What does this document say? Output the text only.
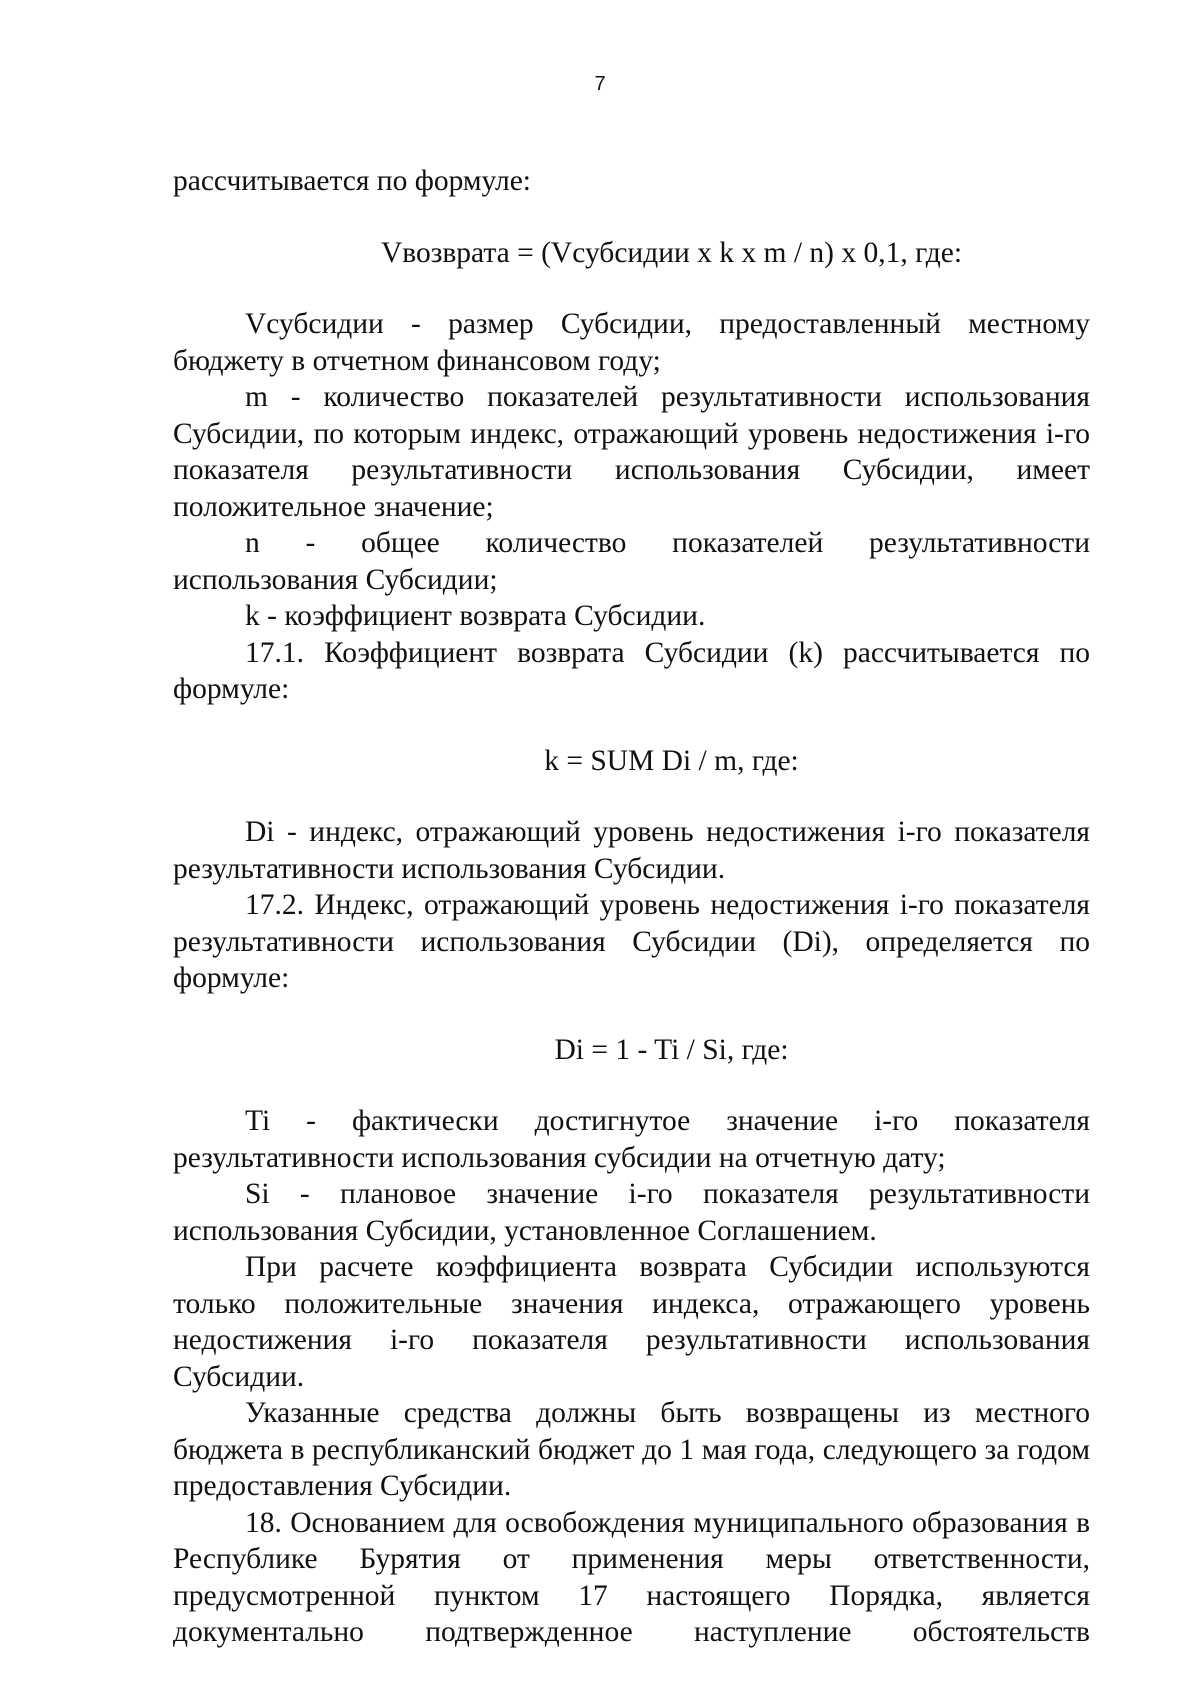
7

рассчитывается по формуле:

Vвозврата = (Vсубсидии x k x m / n) x 0,1, где:

Vсубсидии - размер Субсидии, предоставленный местному бюджету в отчетном финансовом году;

m - количество показателей результативности использования Субсидии, по которым индекс, отражающий уровень недостижения i-го показателя результативности использования Субсидии, имеет положительное значение;

n - общее количество показателей результативности использования Субсидии;

k - коэффициент возврата Субсидии.

17.1. Коэффициент возврата Субсидии (k) рассчитывается по формуле:

k = SUM Di / m, где:

Di - индекс, отражающий уровень недостижения i-го показателя результативности использования Субсидии.

17.2. Индекс, отражающий уровень недостижения i-го показателя результативности использования Субсидии (Di), определяется по формуле:

Di = 1 - Ti / Si, где:

Ti - фактически достигнутое значение i-го показателя результативности использования субсидии на отчетную дату;

Si - плановое значение i-го показателя результативности использования Субсидии, установленное Соглашением.

При расчете коэффициента возврата Субсидии используются только положительные значения индекса, отражающего уровень недостижения i-го показателя результативности использования Субсидии.

Указанные средства должны быть возвращены из местного бюджета в республиканский бюджет до 1 мая года, следующего за годом предоставления Субсидии.

18. Основанием для освобождения муниципального образования в Республике Бурятия от применения меры ответственности, предусмотренной пунктом 17 настоящего Порядка, является документально подтвержденное наступление обстоятельств
